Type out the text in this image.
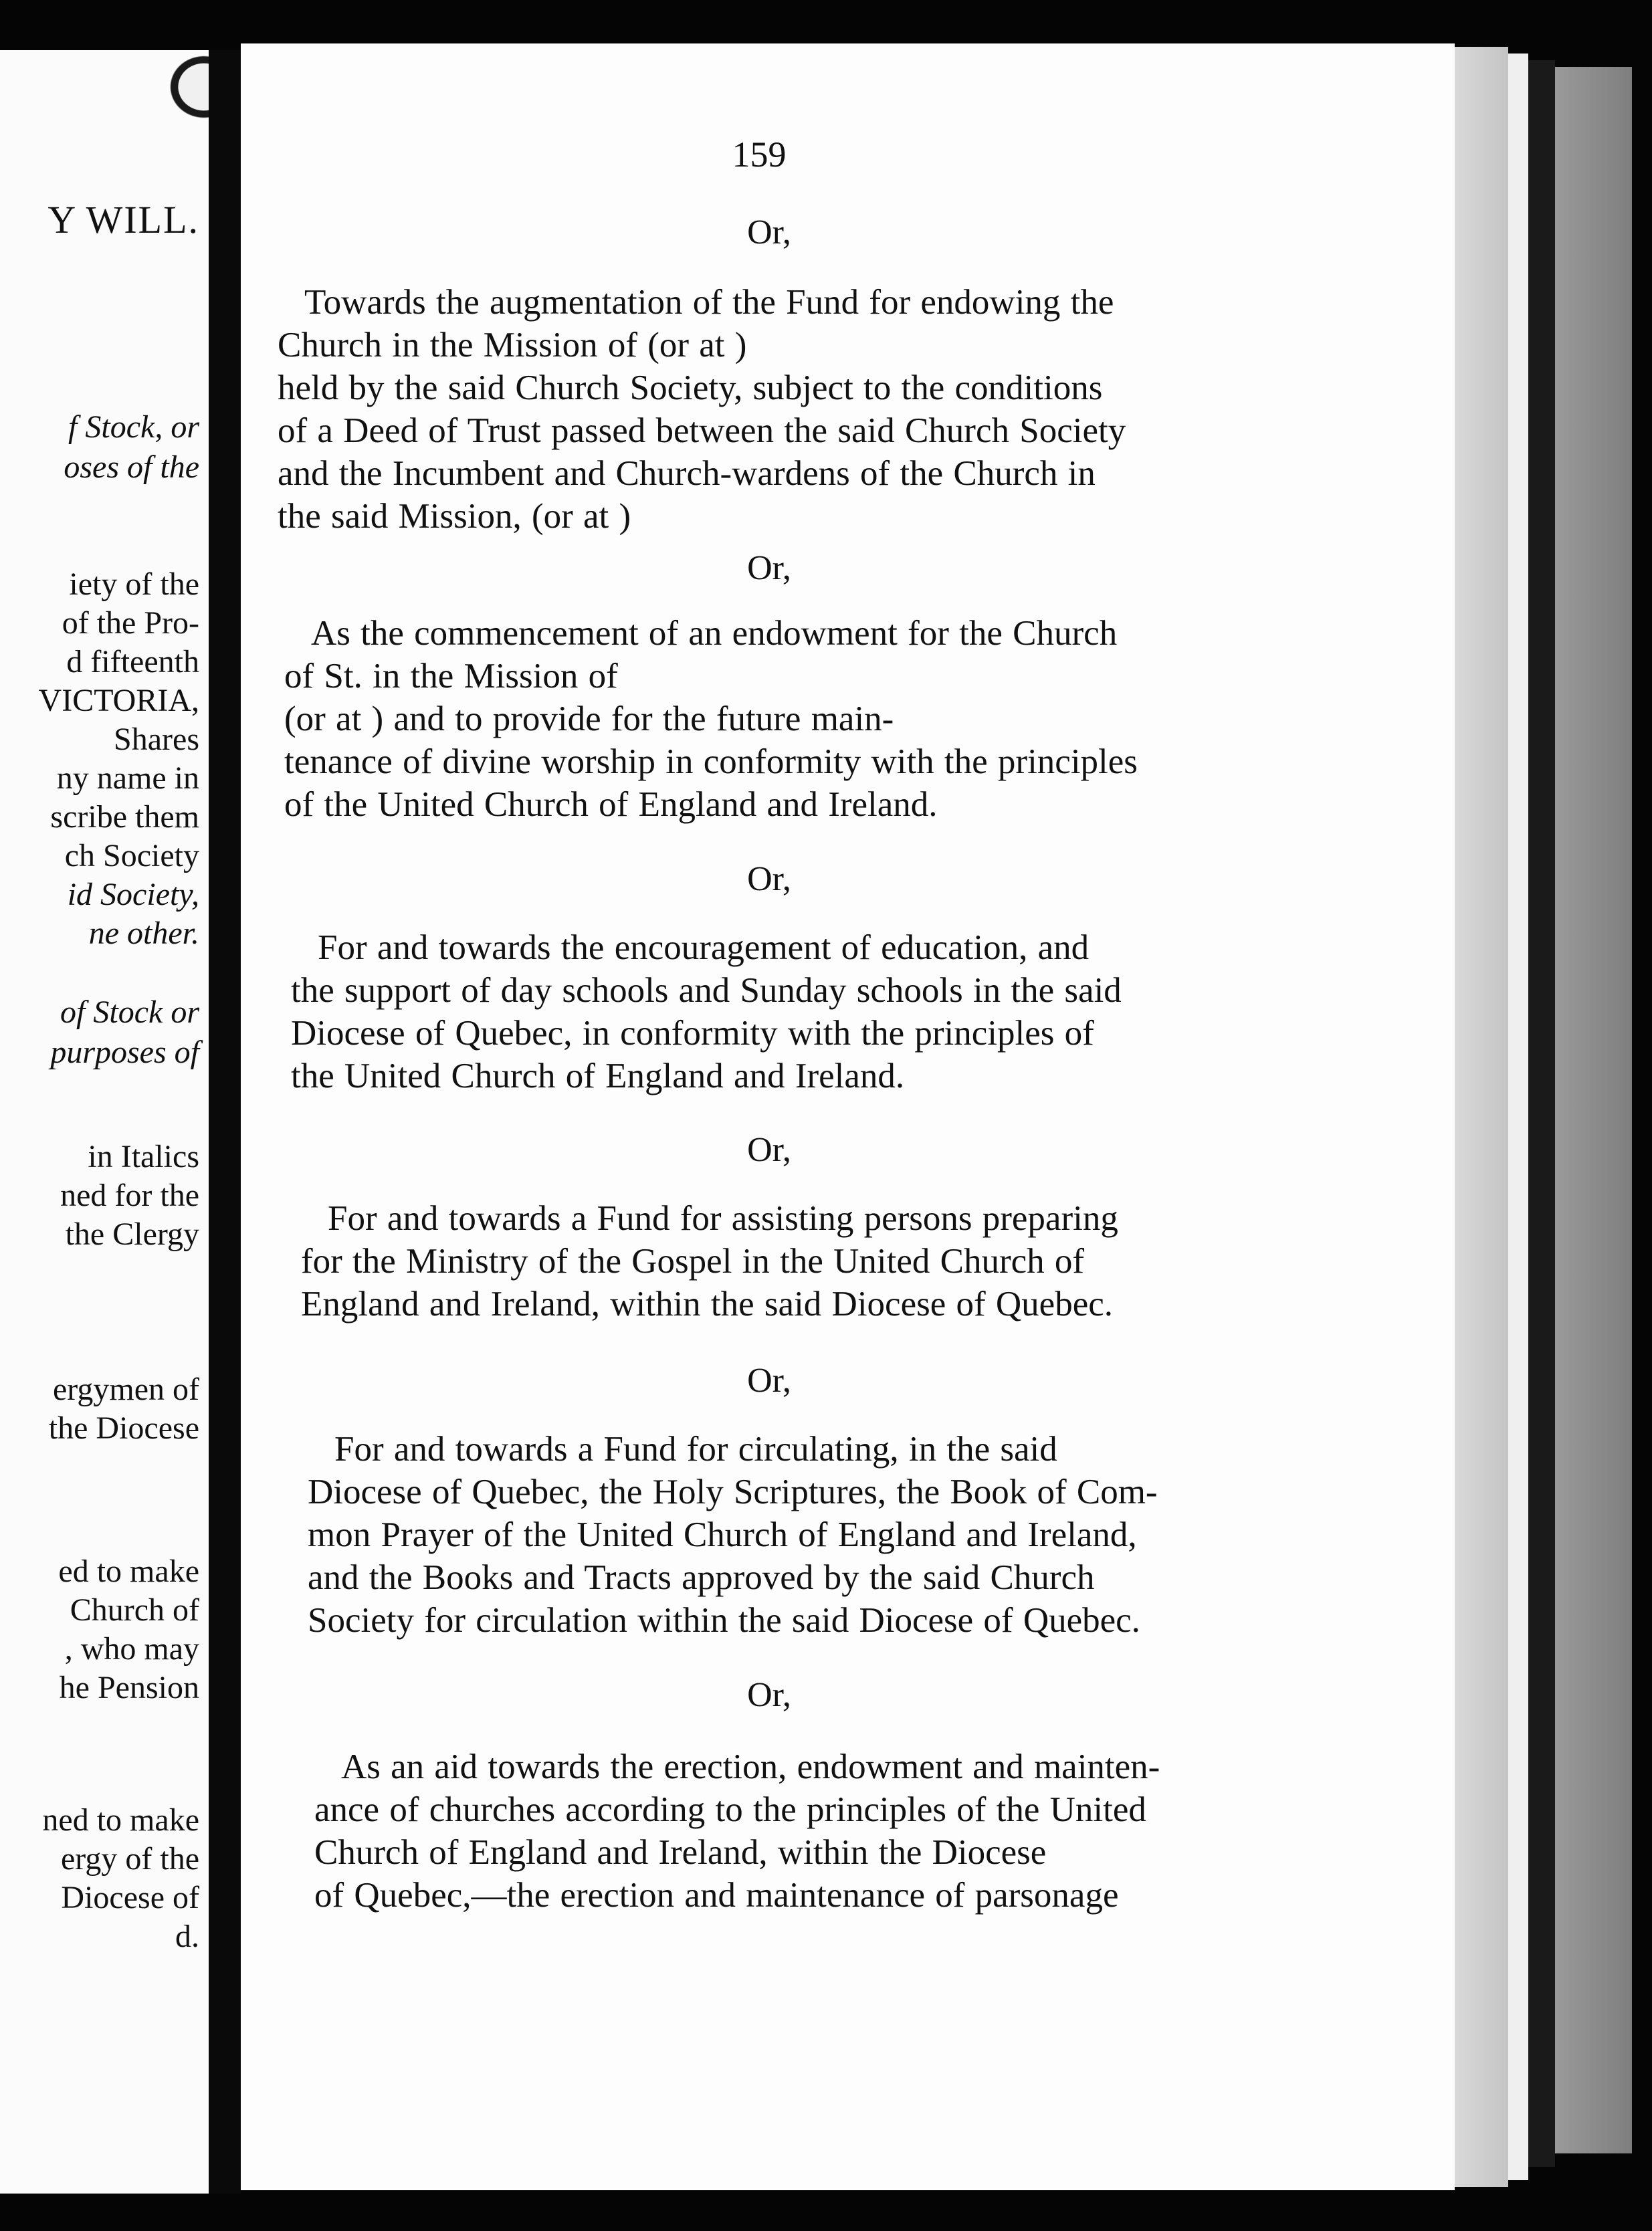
Y WILL.
f Stock, or
oses of the
iety of the
of the Pro-
d fifteenth
VICTORIA,
Shares
ny name in
scribe them
ch Society
id Society,
ne other.
of Stock or
purposes of
in Italics
ned for the
the Clergy
ergymen of
the Diocese
ed to make
Church of
, who may
he Pension
ned to make
ergy of the
Diocese of
d.
159
Or,
Towards the augmentation of the Fund for endowing the
Church in the Mission of (or at )
held by the said Church Society, subject to the conditions
of a Deed of Trust passed between the said Church Society
and the Incumbent and Church-wardens of the Church in
the said Mission, (or at )
Or,
As the commencement of an endowment for the Church
of St. in the Mission of
(or at ) and to provide for the future main-
tenance of divine worship in conformity with the principles
of the United Church of England and Ireland.
Or,
For and towards the encouragement of education, and
the support of day schools and Sunday schools in the said
Diocese of Quebec, in conformity with the principles of
the United Church of England and Ireland.
Or,
For and towards a Fund for assisting persons preparing
for the Ministry of the Gospel in the United Church of
England and Ireland, within the said Diocese of Quebec.
Or,
For and towards a Fund for circulating, in the said
Diocese of Quebec, the Holy Scriptures, the Book of Com-
mon Prayer of the United Church of England and Ireland,
and the Books and Tracts approved by the said Church
Society for circulation within the said Diocese of Quebec.
Or,
As an aid towards the erection, endowment and mainten-
ance of churches according to the principles of the United
Church of England and Ireland, within the Diocese
of Quebec,—the erection and maintenance of parsonage
